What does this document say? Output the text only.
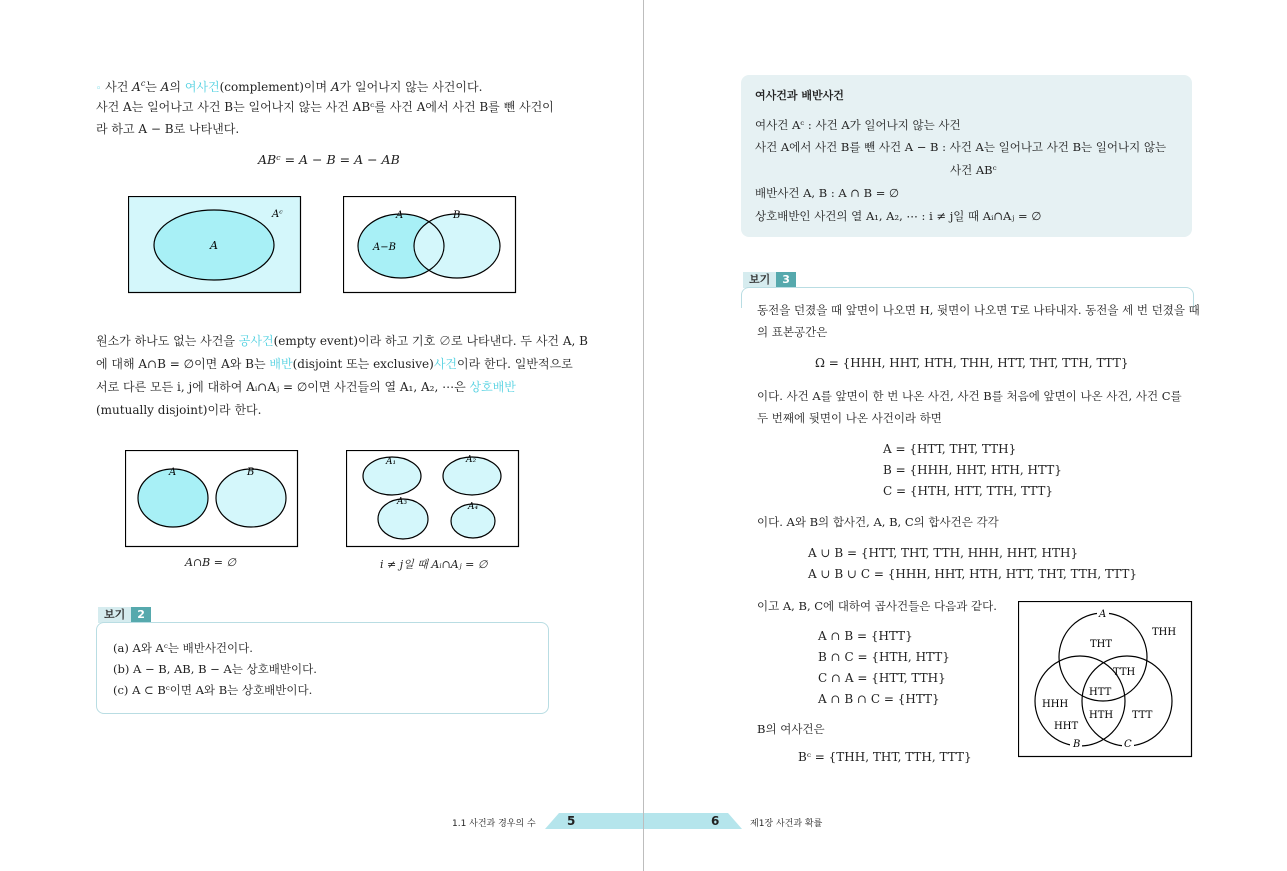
◦ 사건 $A^c$는 A의 여사건(complement)이며 A가 일어나지 않는 사건이다.
사건 A는 일어나고 사건 B는 일어나지 않는 사건 ABᶜ를 사건 A에서 사건 B를 뺀 사건이
라 하고 A − B로 나타낸다.
ABᶜ = A − B = A − AB
A
Aᶜ	A	B
A−B
원소가 하나도 없는 사건을 공사건(empty event)이라 하고 기호 ∅로 나타낸다. 두 사건 A, B
에 대해 A∩B = ∅이면 A와 B는 배반(disjoint 또는 exclusive)사건이라 한다. 일반적으로
서로 다른 모든 i, j에 대하여 Aᵢ∩Aⱼ = ∅이면 사건들의 열 A₁, A₂, ⋯은 상호배반
(mutually disjoint)이라 한다.
A	B
A∩B = ∅
A₁	A₂
A₃	A₄
i ≠ j일 때 Aᵢ∩Aⱼ = ∅
보기	2
(a) A와 Aᶜ는 배반사건이다.
(b) A − B, AB, B − A는 상호배반이다.
(c) A ⊂ Bᶜ이면 A와 B는 상호배반이다.
1.1 사건과 경우의 수	5
여사건과 배반사건
여사건 Aᶜ : 사건 A가 일어나지 않는 사건
사건 A에서 사건 B를 뺀 사건 A − B : 사건 A는 일어나고 사건 B는 일어나지 않는
사건 ABᶜ
배반사건 A, B : A ∩ B = ∅
상호배반인 사건의 열 A₁, A₂, ⋯ : i ≠ j일 때 Aᵢ∩Aⱼ = ∅
보기	3
동전을 던졌을 때 앞면이 나오면 H, 뒷면이 나오면 T로 나타내자. 동전을 세 번 던졌을 때
의 표본공간은
Ω = {HHH, HHT, HTH, THH, HTT, THT, TTH, TTT}
이다. 사건 A를 앞면이 한 번 나온 사건, 사건 B를 처음에 앞면이 나온 사건, 사건 C를
두 번째에 뒷면이 나온 사건이라 하면
A = {HTT, THT, TTH}
B = {HHH, HHT, HTH, HTT}
C = {HTH, HTT, TTH, TTT}
이다. A와 B의 합사건, A, B, C의 합사건은 각각
A ∪ B = {HTT, THT, TTH, HHH, HHT, HTH}
A ∪ B ∪ C = {HHH, HHT, HTH, HTT, THT, TTH, TTT}
이고 A, B, C에 대하여 곱사건들은 다음과 같다.
A ∩ B = {HTT}
B ∩ C = {HTH, HTT}
C ∩ A = {HTT, TTH}
A ∩ B ∩ C = {HTT}
B의 여사건은
Bᶜ = {THH, THT, TTH, TTT}
A
B	C
THH
THT
TTH
HTT
HHH
HTH TTT
HHT
6	제1장 사건과 확률
